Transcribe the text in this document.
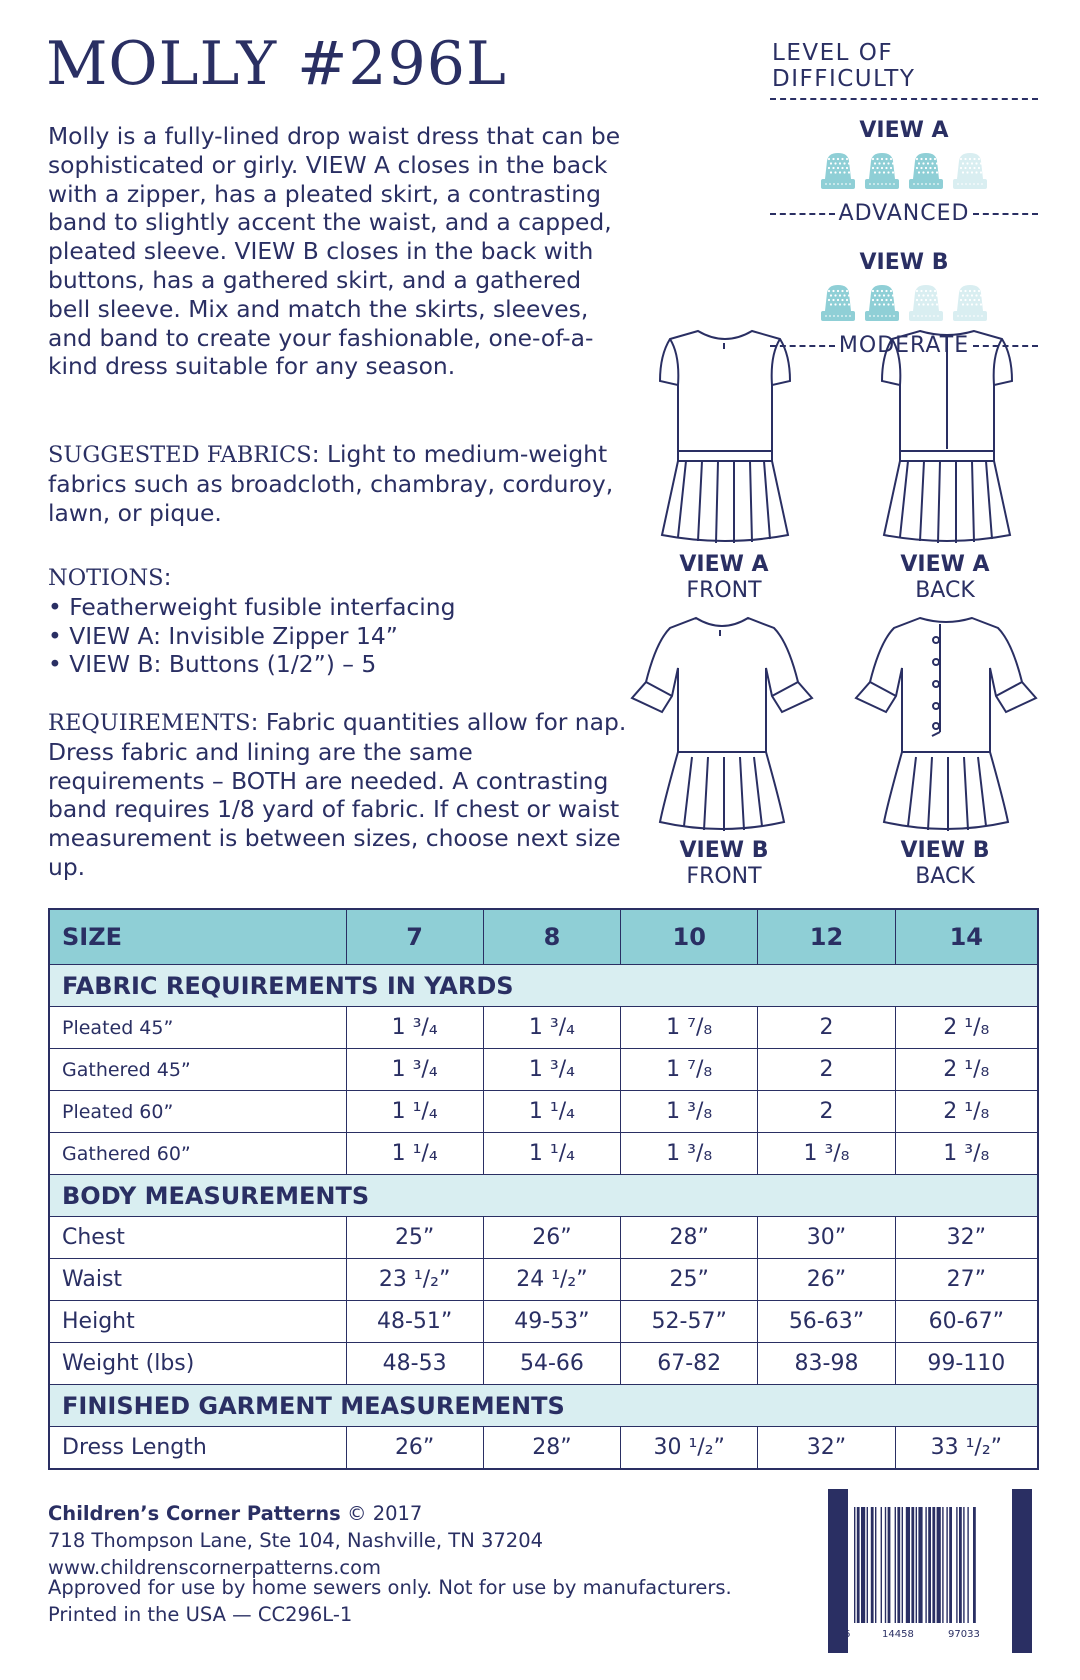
MOLLY #296L

Molly is a fully-lined drop waist dress that can be sophisticated or girly. VIEW A closes in the back with a zipper, has a pleated skirt, a contrasting band to slightly accent the waist, and a capped, pleated sleeve. VIEW B closes in the back with buttons, has a gathered skirt, and a gathered bell sleeve. Mix and match the skirts, sleeves, and band to create your fashionable, one-of-a-kind dress suitable for any season.

SUGGESTED FABRICS: Light to medium-weight fabrics such as broadcloth, chambray, corduroy, lawn, or pique.

NOTIONS:

• Featherweight fusible interfacing

• VIEW A: Invisible Zipper 14”

• VIEW B: Buttons (1/2”) – 5

REQUIREMENTS: Fabric quantities allow for nap. Dress fabric and lining are the same requirements – BOTH are needed. A contrasting band requires 1/8 yard of fabric. If chest or waist measurement is between sizes, choose next size up.

LEVEL OF DIFFICULTY
VIEW A
ADVANCED
VIEW B
MODERATE
VIEW A
FRONT
VIEW A
BACK
VIEW B
FRONT
VIEW B
BACK
SIZE	7	8	10	12	14
FABRIC REQUIREMENTS IN YARDS					
Pleated 45”	1 ³/₄	1 ³/₄	1 ⁷/₈	2	2 ¹/₈
Gathered 45”	1 ³/₄	1 ³/₄	1 ⁷/₈	2	2 ¹/₈
Pleated 60”	1 ¹/₄	1 ¹/₄	1 ³/₈	2	2 ¹/₈
Gathered 60”	1 ¹/₄	1 ¹/₄	1 ³/₈	1 ³/₈	1 ³/₈
BODY MEASUREMENTS					
Chest	25”	26”	28”	30”	32”
Waist	23 ¹/₂”	24 ¹/₂”	25”	26”	27”
Height	48-51”	49-53”	52-57”	56-63”	60-67”
Weight (lbs)	48-53	54-66	67-82	83-98	99-110
FINISHED GARMENT MEASUREMENTS					
Dress Length	26”	28”	30 ¹/₂”	32”	33 ¹/₂”

Children’s Corner Patterns © 2017

718 Thompson Lane, Ste 104, Nashville, TN 37204

www.childrenscornerpatterns.com

Approved for use by home sewers only. Not for use by manufacturers.

Printed in the USA — CC296L-1

6	14458	97033	6
